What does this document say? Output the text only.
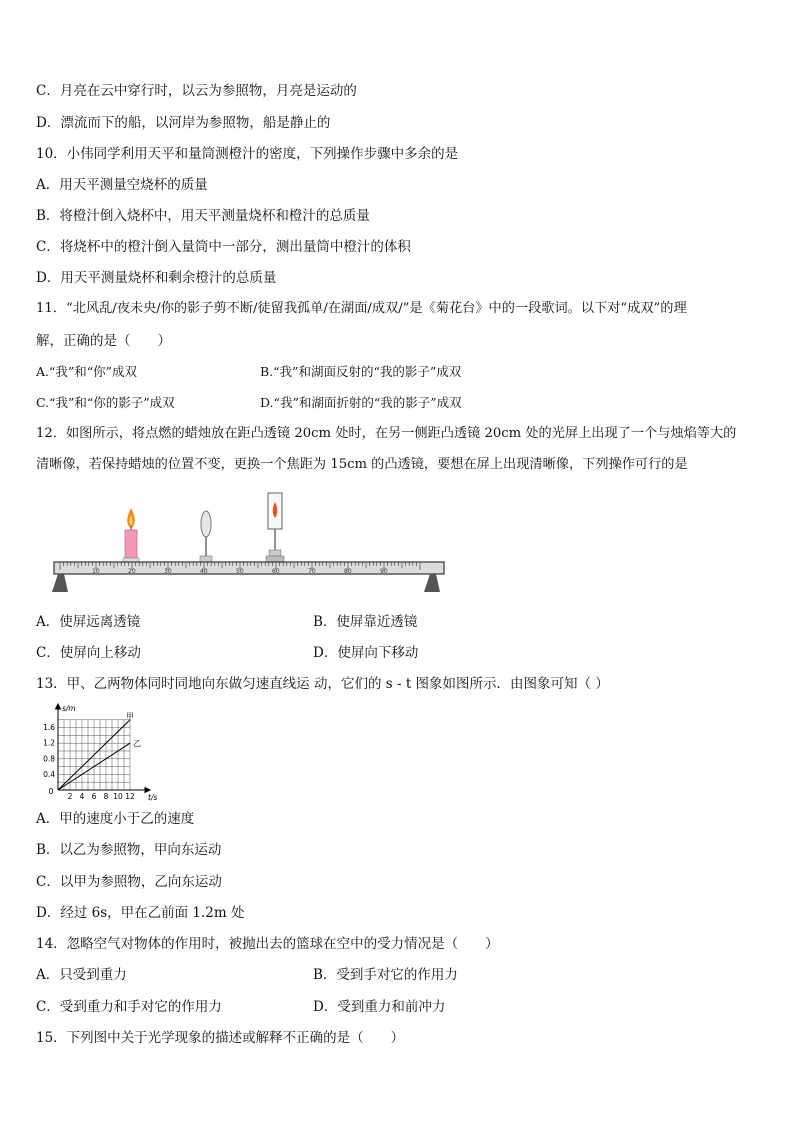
C．月亮在云中穿行时，以云为参照物，月亮是运动的
D．漂流而下的船，以河岸为参照物，船是静止的
10．小伟同学利用天平和量筒测橙汁的密度，下列操作步骤中多余的是
A．用天平测量空烧杯的质量
B．将橙汁倒入烧杯中，用天平测量烧杯和橙汁的总质量
C．将烧杯中的橙汁倒入量筒中一部分，测出量筒中橙汁的体积
D．用天平测量烧杯和剩余橙汁的总质量
11．“北风乱/夜未央/你的影子剪不断/徒留我孤单/在湖面/成双/”是《菊花台》中的一段歌词。以下对“成双”的理
解，正确的是（　　）
A.“我”和“你”成双	B.“我”和湖面反射的“我的影子”成双
C.“我”和“你的影子”成双	D.“我”和湖面折射的“我的影子”成双
12．如图所示，将点燃的蜡烛放在距凸透镜 20cm 处时，在另一侧距凸透镜 20cm 处的光屏上出现了一个与烛焰等大的
清晰像，若保持蜡烛的位置不变，更换一个焦距为 15cm 的凸透镜，要想在屏上出现清晰像，下列操作可行的是
10	20	30	40	50	60	70	80	90
A．使屏远离透镜	B．使屏靠近透镜
C．使屏向上移动	D．使屏向下移动
13．甲、乙两物体同时同地向东做匀速直线运 动，它们的 s - t 图象如图所示．由图象可知（ ）
2 4 6 8 10 12
0.4
0.8
1.2
1.6
0
s/m
t/s
甲
乙
A．甲的速度小于乙的速度
B．以乙为参照物，甲向东运动
C．以甲为参照物，乙向东运动
D．经过 6s，甲在乙前面 1.2m 处
14．忽略空气对物体的作用时，被抛出去的篮球在空中的受力情况是（　　）
A．只受到重力	B．受到手对它的作用力
C．受到重力和手对它的作用力	D．受到重力和前冲力
15．下列图中关于光学现象的描述或解释不正确的是（　　）
